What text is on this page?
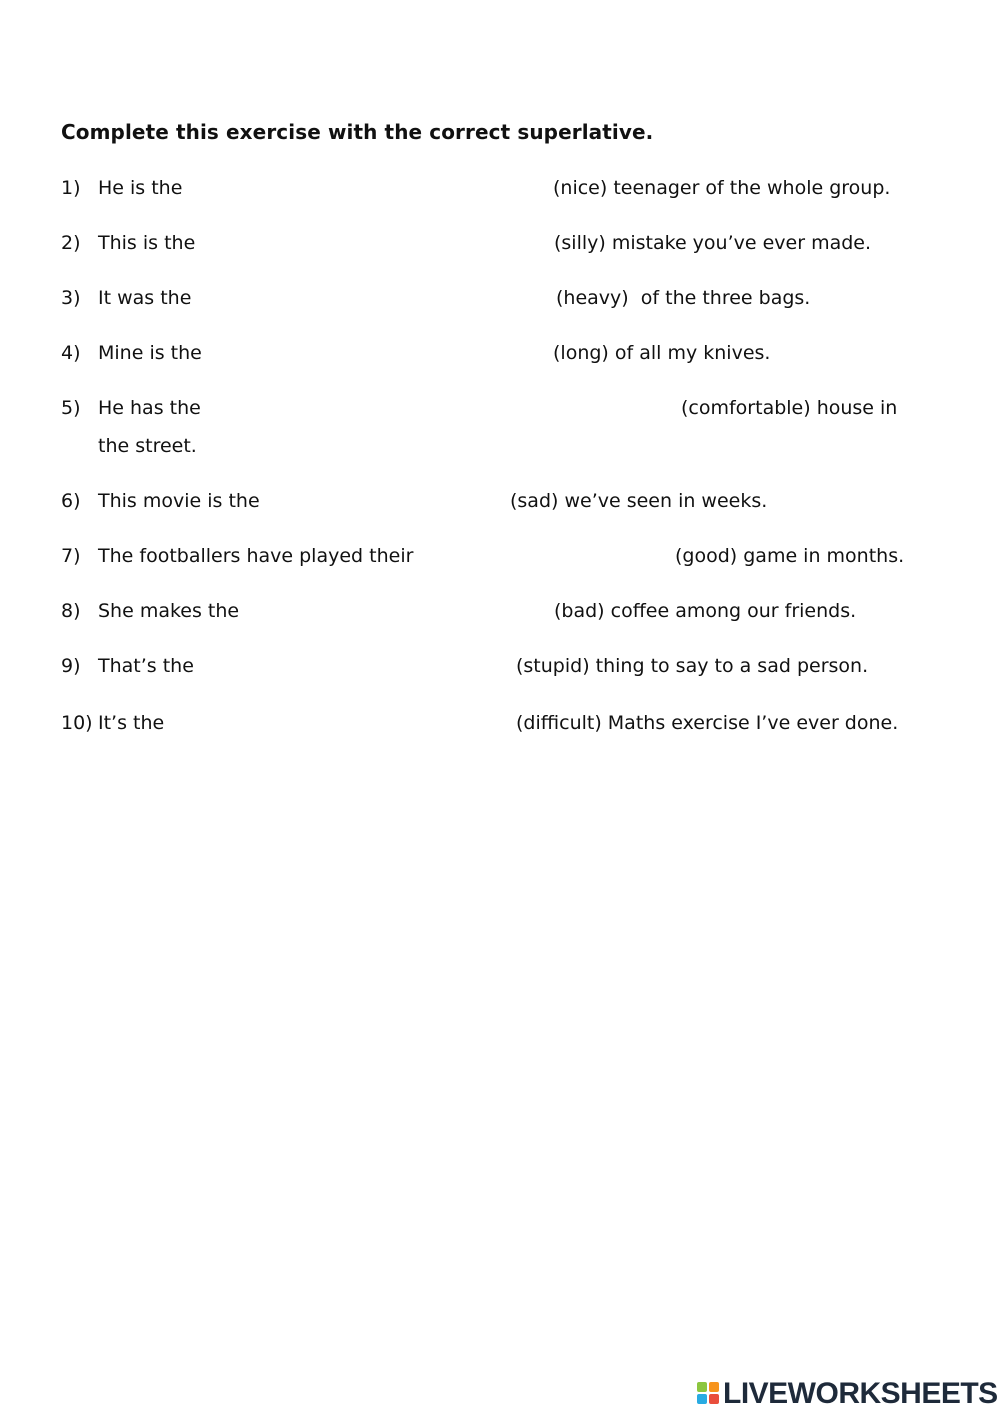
Complete this exercise with the correct superlative.
1) He is the	(nice) teenager of the whole group.
2) This is the	(silly) mistake you’ve ever made.
3) It was the	(heavy)  of the three bags.
4) Mine is the	(long) of all my knives.
5) He has the	(comfortable) house in
the street.
6) This movie is the	(sad) we’ve seen in weeks.
7) The footballers have played their	(good) game in months.
8) She makes the	(bad) coffee among our friends.
9) That’s the	(stupid) thing to say to a sad person.
10) It’s the	(difficult) Maths exercise I’ve ever done.
LIVEWORKSHEETS
